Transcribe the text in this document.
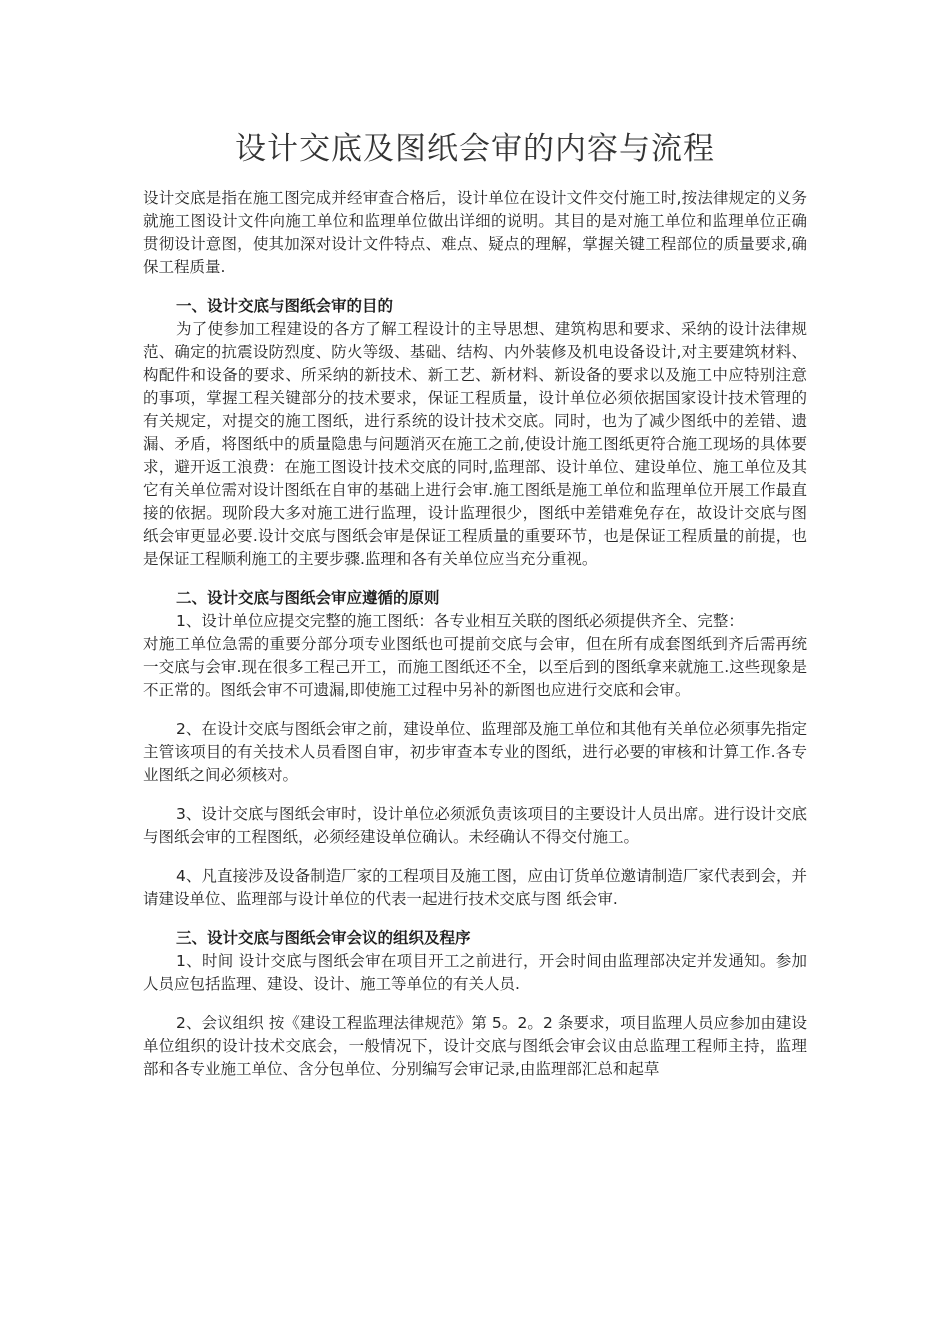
设计交底及图纸会审的内容与流程

设计交底是指在施工图完成并经审查合格后，设计单位在设计文件交付施工时,按法律规定的义务就施工图设计文件向施工单位和监理单位做出详细的说明。其目的是对施工单位和监理单位正确贯彻设计意图，使其加深对设计文件特点、难点、疑点的理解，掌握关键工程部位的质量要求,确保工程质量.

一、设计交底与图纸会审的目的

为了使参加工程建设的各方了解工程设计的主导思想、建筑构思和要求、采纳的设计法律规范、确定的抗震设防烈度、防火等级、基础、结构、内外装修及机电设备设计,对主要建筑材料、构配件和设备的要求、所采纳的新技术、新工艺、新材料、新设备的要求以及施工中应特别注意的事项，掌握工程关键部分的技术要求，保证工程质量，设计单位必须依据国家设计技术管理的有关规定，对提交的施工图纸，进行系统的设计技术交底。同时，也为了减少图纸中的差错、遗漏、矛盾，将图纸中的质量隐患与问题消灭在施工之前,使设计施工图纸更符合施工现场的具体要求，避开返工浪费：在施工图设计技术交底的同时,监理部、设计单位、建设单位、施工单位及其它有关单位需对设计图纸在自审的基础上进行会审.施工图纸是施工单位和监理单位开展工作最直接的依据。现阶段大多对施工进行监理，设计监理很少，图纸中差错难免存在，故设计交底与图纸会审更显必要.设计交底与图纸会审是保证工程质量的重要环节，也是保证工程质量的前提，也是保证工程顺利施工的主要步骤.监理和各有关单位应当充分重视。

二、设计交底与图纸会审应遵循的原则

1、设计单位应提交完整的施工图纸：各专业相互关联的图纸必须提供齐全、完整：

对施工单位急需的重要分部分项专业图纸也可提前交底与会审，但在所有成套图纸到齐后需再统一交底与会审.现在很多工程己开工，而施工图纸还不全，以至后到的图纸拿来就施工.这些现象是不正常的。图纸会审不可遗漏,即使施工过程中另补的新图也应进行交底和会审。

2、在设计交底与图纸会审之前，建设单位、监理部及施工单位和其他有关单位必须事先指定主管该项目的有关技术人员看图自审，初步审查本专业的图纸，进行必要的审核和计算工作.各专业图纸之间必须核对。

3、设计交底与图纸会审时，设计单位必须派负责该项目的主要设计人员出席。进行设计交底与图纸会审的工程图纸，必须经建设单位确认。未经确认不得交付施工。

4、凡直接涉及设备制造厂家的工程项目及施工图，应由订货单位邀请制造厂家代表到会，并请建设单位、监理部与设计单位的代表一起进行技术交底与图 纸会审.

三、设计交底与图纸会审会议的组织及程序

1、时间 设计交底与图纸会审在项目开工之前进行，开会时间由监理部决定并发通知。参加人员应包括监理、建设、设计、施工等单位的有关人员.

2、会议组织 按《建设工程监理法律规范》第 5。2。2 条要求，项目监理人员应参加由建设单位组织的设计技术交底会，一般情况下，设计交底与图纸会审会议由总监理工程师主持，监理部和各专业施工单位、含分包单位、分别编写会审记录,由监理部汇总和起草
